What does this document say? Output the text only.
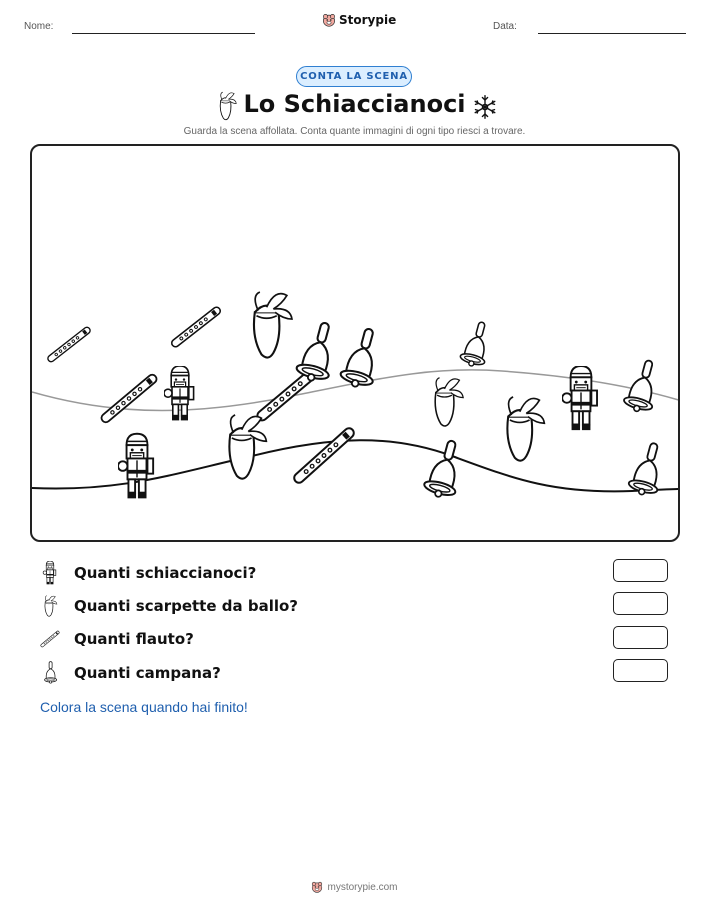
Nome:	Storypie	Data:
CONTA LA SCENA
Lo Schiaccianoci
Guarda la scena affollata. Conta quante immagini di ogni tipo riesci a trovare.
Quanti schiaccianoci?
Quanti scarpette da ballo?
Quanti flauto?
Quanti campana?
Colora la scena quando hai finito!
mystorypie.com
